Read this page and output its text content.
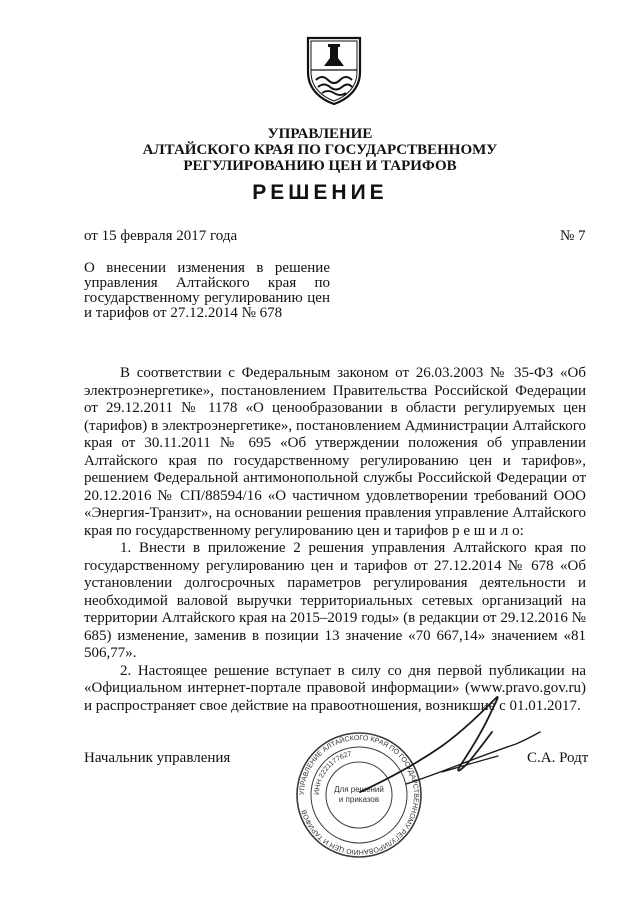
УПРАВЛЕНИЕ
АЛТАЙСКОГО КРАЯ ПО ГОСУДАРСТВЕННОМУ
РЕГУЛИРОВАНИЮ ЦЕН И ТАРИФОВ
РЕШЕНИЕ
от 15 февраля 2017 года	№ 7
О внесении изменения в решение управления Алтайского края по государственному регулированию цен и тарифов от 27.12.2014 № 678

В соответствии с Федеральным законом от 26.03.2003 № 35-ФЗ «Об электроэнергетике», постановлением Правительства Российской Федерации от 29.12.2011 № 1178 «О ценообразовании в области регулируемых цен (тарифов) в электроэнергетике», постановлением Администрации Алтайского края от 30.11.2011 № 695 «Об утверждении положения об управлении Алтайского края по государственному регулированию цен и тарифов», решением Федеральной антимонопольной службы Российской Федерации от 20.12.2016 № СП/88594/16 «О частичном удовлетворении требований ООО «Энергия-Транзит», на основании решения правления управление Алтайского края по государственному регулированию цен и тарифов р е ш и л о:

1. Внести в приложение 2 решения управления Алтайского края по государственному регулированию цен и тарифов от 27.12.2014 № 678 «Об установлении долгосрочных параметров регулирования деятельности и необходимой валовой выручки территориальных сетевых организаций на территории Алтайского края на 2015–2019 годы» (в редакции от 29.12.2016 № 685) изменение, заменив в позиции 13 значение «70 667,14» значением «81 506,77».

2. Настоящее решение вступает в силу со дня первой публикации на «Официальном интернет-портале правовой информации» (www.pravo.gov.ru) и распространяет свое действие на правоотношения, возникшие с 01.01.2017.

Начальник управления	С.А. Родт
УПРАВЛЕНИЕ АЛТАЙСКОГО КРАЯ ПО ГОСУДАРСТВЕННОМУ РЕГУЛИРОВАНИЮ ЦЕН И ТАРИФОВ
ИНН 2221177627
Для решений
и приказов
